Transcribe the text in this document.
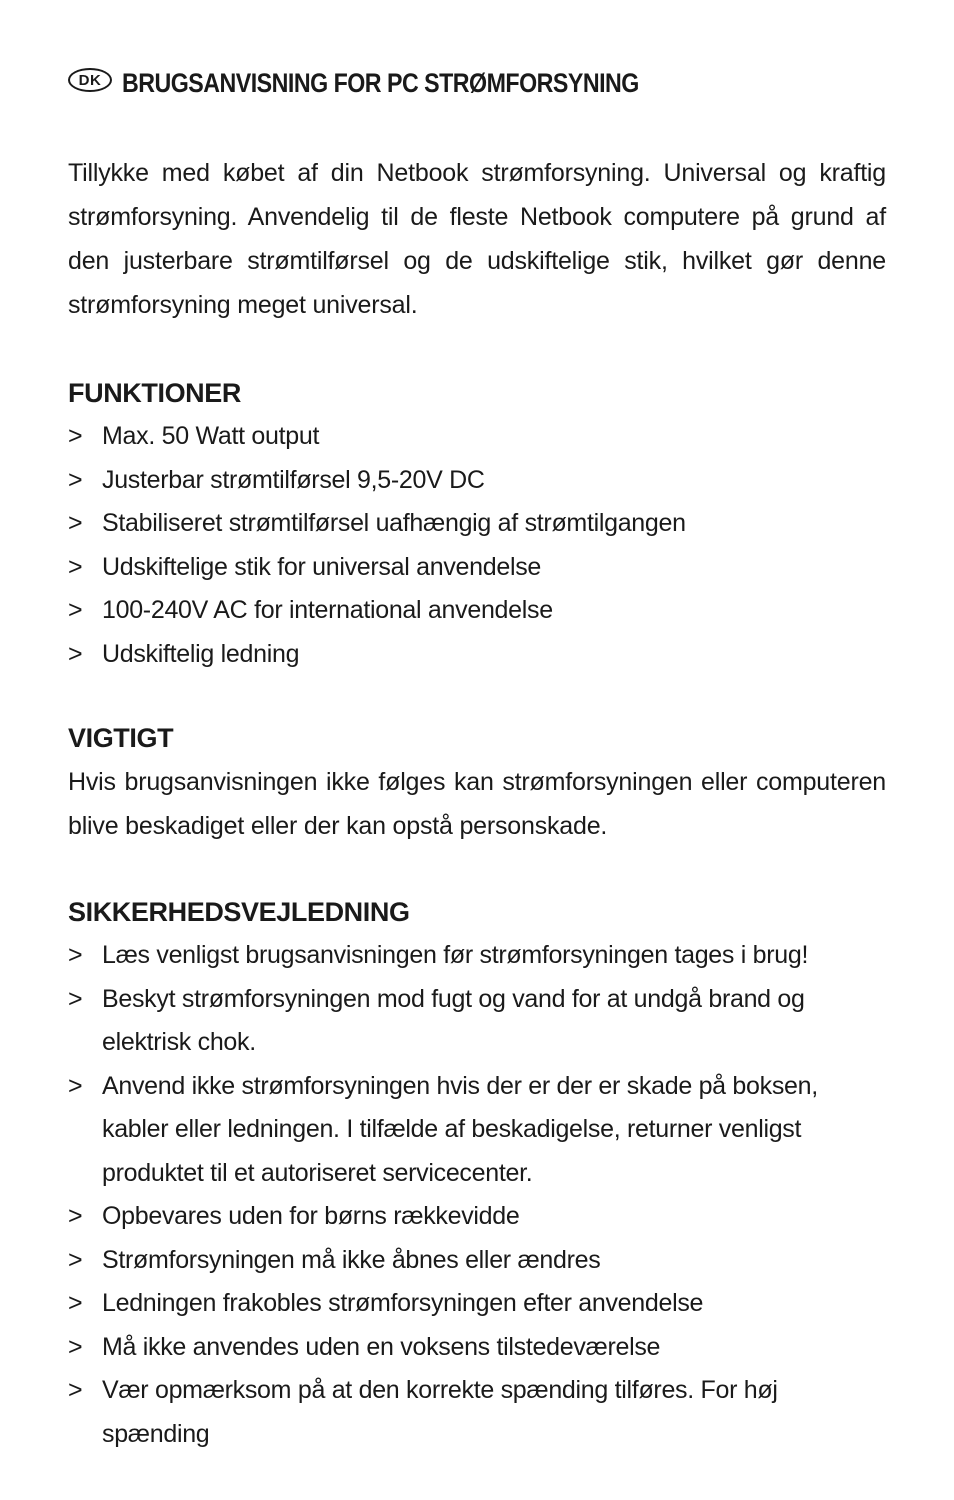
DK BRUGSANVISNING FOR PC STRØMFORSYNING

Tillykke med købet af din Netbook strømforsyning. Universal og kraftig strømforsyning. Anvendelig til de fleste Netbook computere på grund af den justerbare strømtilførsel og de udskiftelige stik, hvilket gør denne strømforsyning meget universal.

FUNKTIONER
> Max. 50 Watt output
> Justerbar strømtilførsel 9,5-20V DC
> Stabiliseret strømtilførsel uafhængig af strømtilgangen
> Udskiftelige stik for universal anvendelse
> 100-240V AC for international anvendelse
> Udskiftelig ledning
VIGTIGT

Hvis brugsanvisningen ikke følges kan strømforsyningen eller computeren blive beskadiget eller der kan opstå personskade.

SIKKERHEDSVEJLEDNING
> Læs venligst brugsanvisningen før strømforsyningen tages i brug!
> Beskyt strømforsyningen mod fugt og vand for at undgå brand og elektrisk chok.
> Anvend ikke strømforsyningen hvis der er der er skade på boksen, kabler eller ledningen. I tilfælde af beskadigelse, returner venligst produktet til et autoriseret servicecenter.
> Opbevares uden for børns rækkevidde
> Strømforsyningen må ikke åbnes eller ændres
> Ledningen frakobles strømforsyningen efter anvendelse
> Må ikke anvendes uden en voksens tilstedeværelse
> Vær opmærksom på at den korrekte spænding tilføres. For høj spænding
